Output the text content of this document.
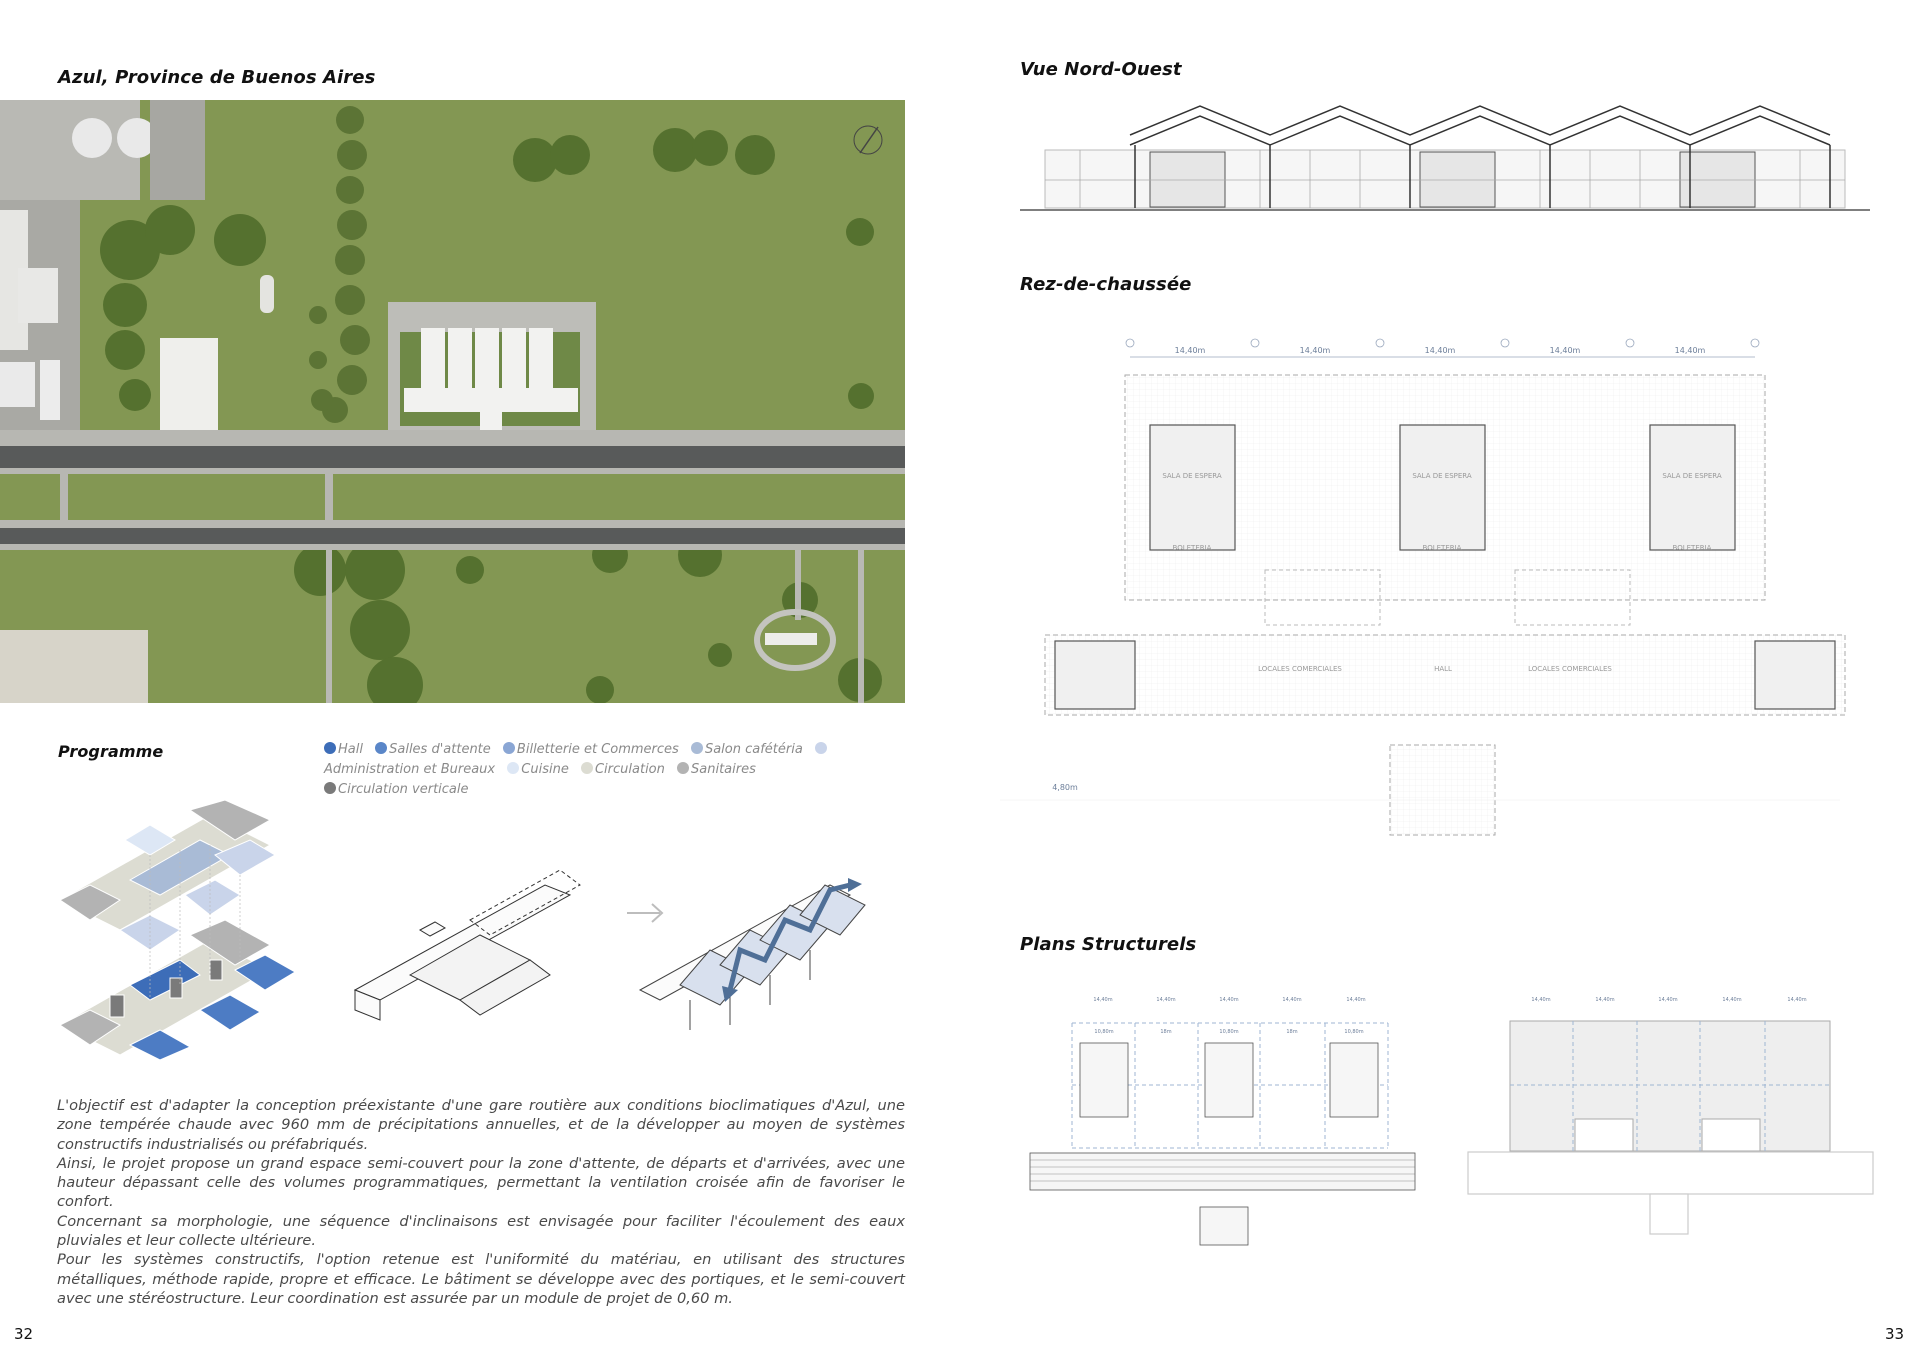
Azul, Province de Buenos Aires
Programme	Hall Salles d'attente Billetterie et Commerces Salon cafétéria Administration et Bureaux Cuisine Circulation Sanitaires Circulation verticale

L'objectif est d'adapter la conception préexistante d'une gare routière aux conditions bioclimatiques d'Azul, une zone tempérée chaude avec 960 mm de précipitations annuelles, et de la développer au moyen de systèmes constructifs industrialisés ou préfabriqués.

Ainsi, le projet propose un grand espace semi-couvert pour la zone d'attente, de départs et d'arrivées, avec une hauteur dépassant celle des volumes programmatiques, permettant la ventilation croisée afin de favoriser le confort.

Concernant sa morphologie, une séquence d'inclinaisons est envisagée pour faciliter l'écoulement des eaux pluviales et leur collecte ultérieure.

Pour les systèmes constructifs, l'option retenue est l'uniformité du matériau, en utilisant des structures métalliques, méthode rapide, propre et efficace. Le bâtiment se développe avec des portiques, et le semi-couvert avec une stéréostructure. Leur coordination est assurée par un module de projet de 0,60 m.

32
Vue Nord-Ouest
Rez-de-chaussée
SALA DE ESPERA	SALA DE ESPERA	SALA DE ESPERA
BOLETERIA	BOLETERIA	BOLETERIA
LOCALES COMERCIALES	HALL	LOCALES COMERCIALES
14,40m	14,40m	14,40m	14,40m	14,40m
4,80m
Plans Structurels
14,40m	14,40m	14,40m	14,40m	14,40m
10,80m	18m	10,80m	18m	10,80m
14,40m	14,40m	14,40m	14,40m	14,40m
33
